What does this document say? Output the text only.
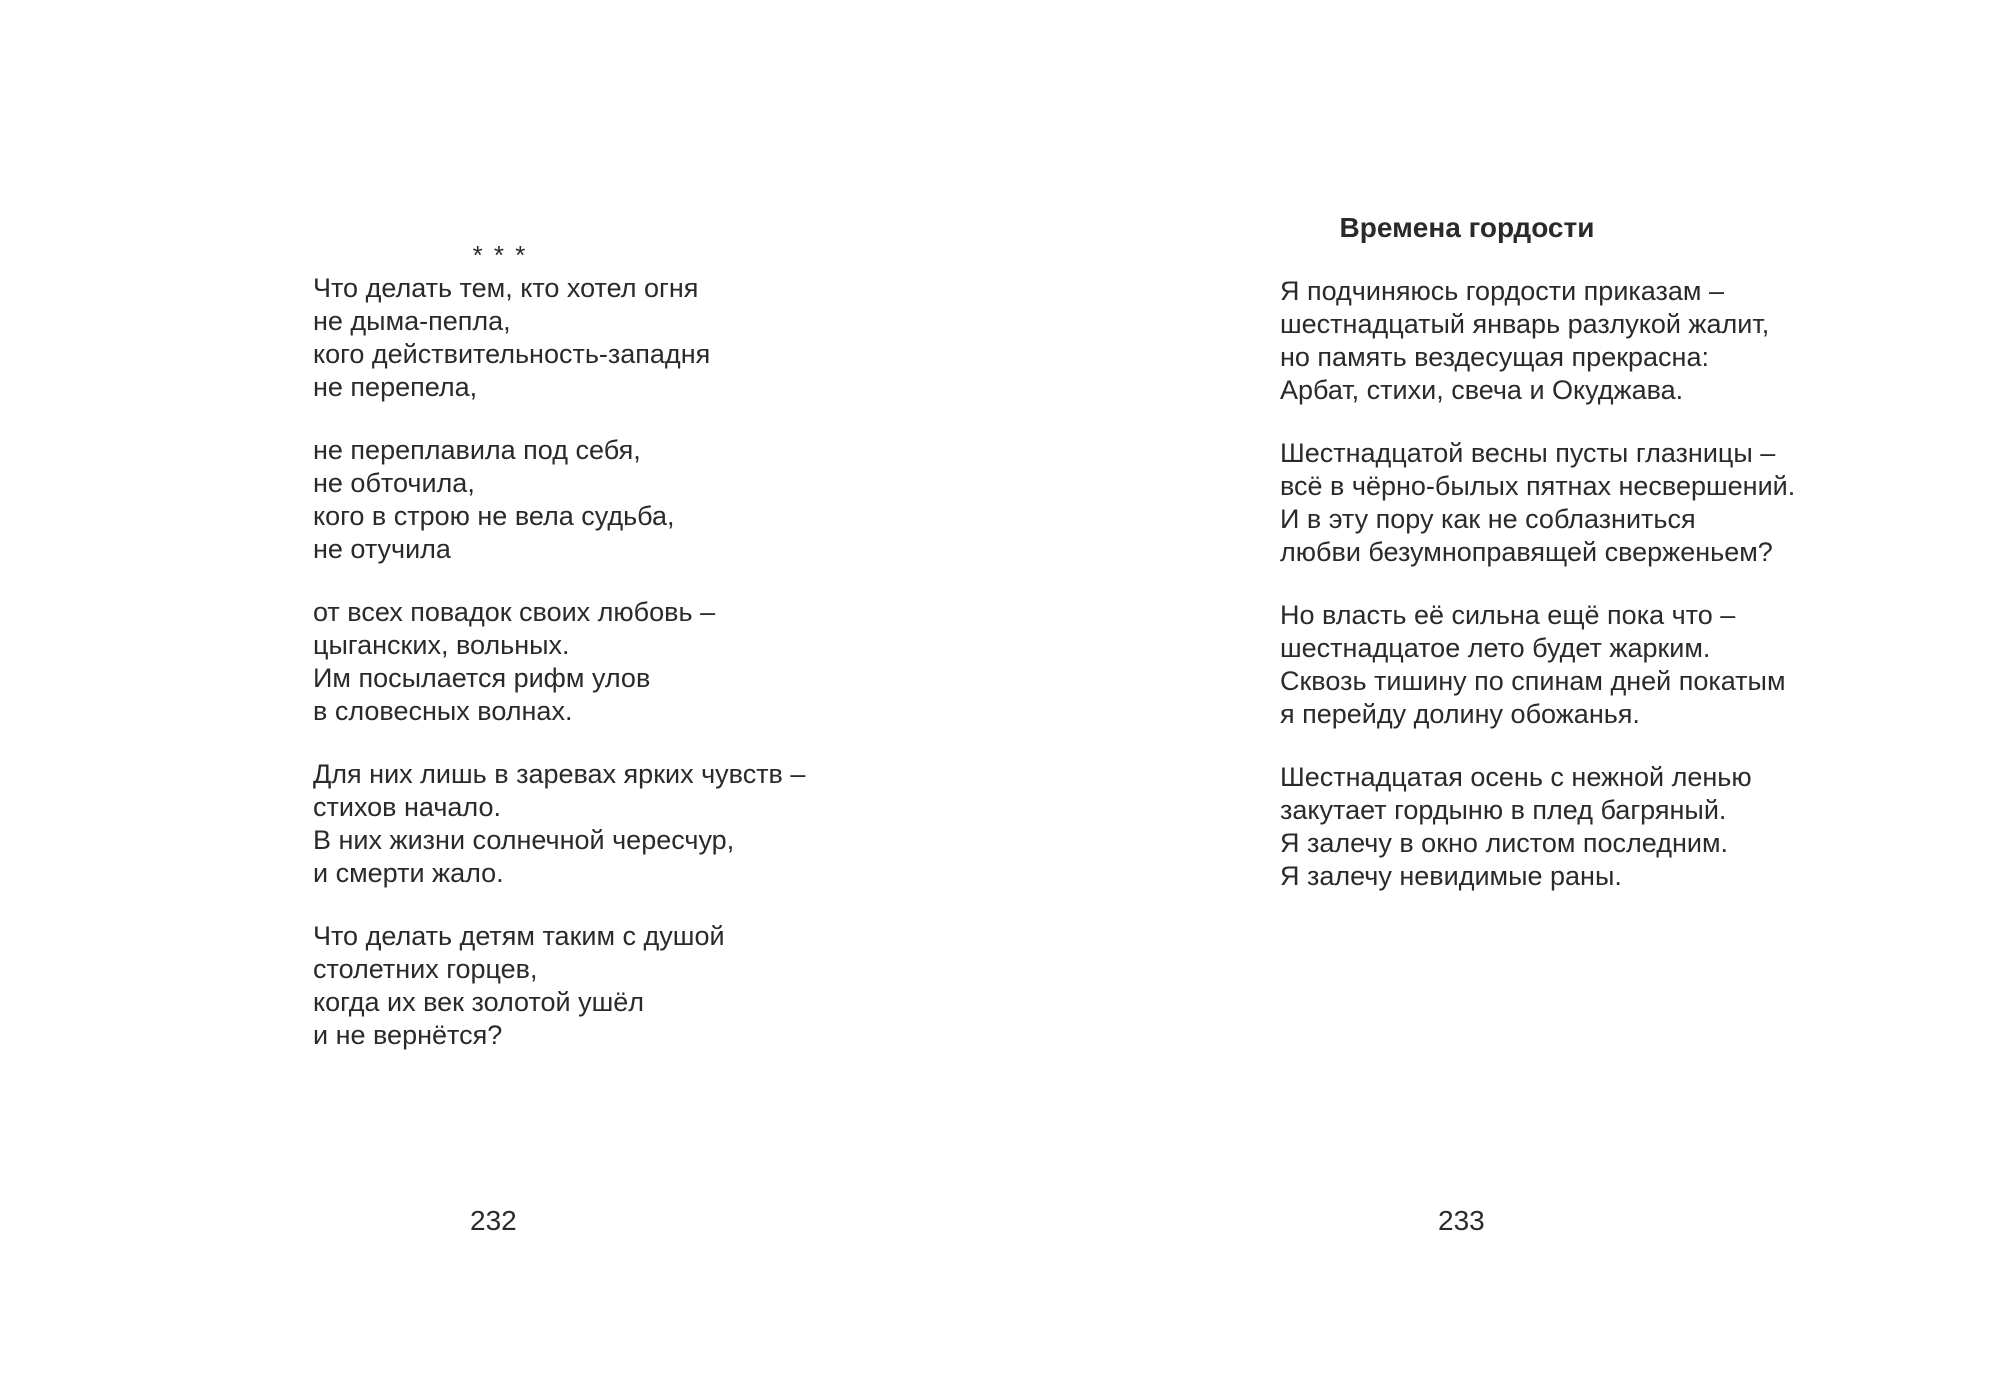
* * *
Что делать тем, кто хотел огня
не дыма-пепла,
кого действительность-западня
не перепела,
не переплавила под себя,
не обточила,
кого в строю не вела судьба,
не отучила
от всех повадок своих любовь –
цыганских, вольных.
Им посылается рифм улов
в словесных волнах.
Для них лишь в заревах ярких чувств –
стихов начало.
В них жизни солнечной чересчур,
и смерти жало.
Что делать детям таким с душой
столетних горцев,
когда их век золотой ушёл
и не вернётся?
Времена гордости
Я подчиняюсь гордости приказам –
шестнадцатый январь разлукой жалит,
но память вездесущая прекрасна:
Арбат, стихи, свеча и Окуджава.
Шестнадцатой весны пусты глазницы –
всё в чёрно-былых пятнах несвершений.
И в эту пору как не соблазниться
любви безумноправящей сверженьем?
Но власть её сильна ещё пока что –
шестнадцатое лето будет жарким.
Сквозь тишину по спинам дней покатым
я перейду долину обожанья.
Шестнадцатая осень с нежной ленью
закутает гордыню в плед багряный.
Я залечу в окно листом последним.
Я залечу невидимые раны.
232	233
